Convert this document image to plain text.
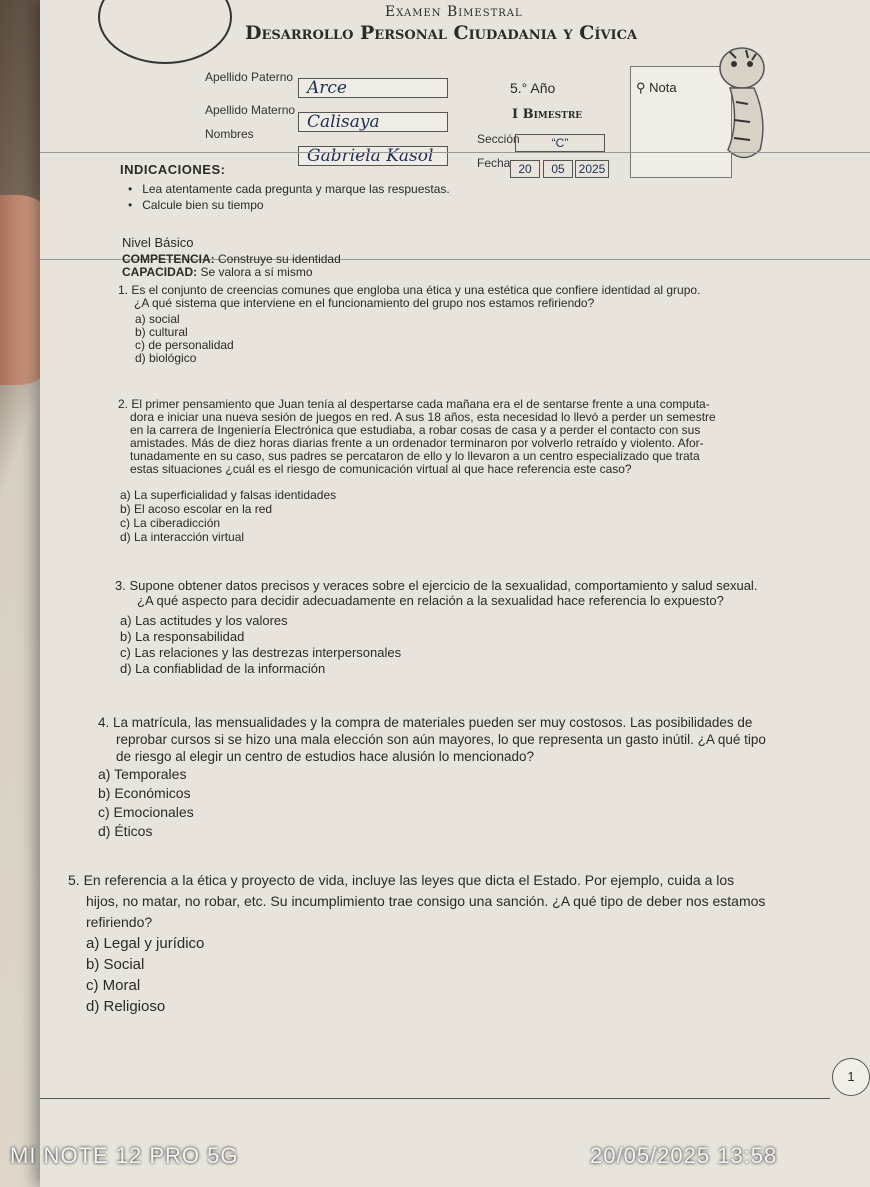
Examen Bimestral
Desarrollo Personal Ciudadania y Cívica
Apellido Paterno
Arce
Apellido Materno
Calisaya
Nombres
Gabriela Kasol
5.° Año
I Bimestre
Sección	“C”
Fecha 20	05	2025
⚲ Nota
INDICACIONES:
•   Lea atentamente cada pregunta y marque las respuestas.
•   Calcule bien su tiempo
Nivel Básico
COMPETENCIA: Construye su identidad
CAPACIDAD: Se valora a sí mismo
1. Es el conjunto de creencias comunes que engloba una ética y una estética que confiere identidad al grupo.
¿A qué sistema que interviene en el funcionamiento del grupo nos estamos refiriendo?
a) social
b) cultural
c) de personalidad
d) biológico
2. El primer pensamiento que Juan tenía al despertarse cada mañana era el de sentarse frente a una computa-
dora e iniciar una nueva sesión de juegos en red. A sus 18 años, esta necesidad lo llevó a perder un semestre
en la carrera de Ingeniería Electrónica que estudiaba, a robar cosas de casa y a perder el contacto con sus
amistades. Más de diez horas diarias frente a un ordenador terminaron por volverlo retraído y violento. Afor-
tunadamente en su caso, sus padres se percataron de ello y lo llevaron a un centro especializado que trata
estas situaciones ¿cuál es el riesgo de comunicación virtual al que hace referencia este caso?
a) La superficialidad y falsas identidades
b) El acoso escolar en la red
c) La ciberadicción
d) La interacción virtual
3. Supone obtener datos precisos y veraces sobre el ejercicio de la sexualidad, comportamiento y salud sexual.
¿A qué aspecto para decidir adecuadamente en relación a la sexualidad hace referencia lo expuesto?
a) Las actitudes y los valores
b) La responsabilidad
c) Las relaciones y las destrezas interpersonales
d) La confiablidad de la información
4. La matrícula, las mensualidades y la compra de materiales pueden ser muy costosos. Las posibilidades de
reprobar cursos si se hizo una mala elección son aún mayores, lo que representa un gasto inútil. ¿A qué tipo
de riesgo al elegir un centro de estudios hace alusión lo mencionado?
a) Temporales
b) Económicos
c) Emocionales
d) Éticos
5. En referencia a la ética y proyecto de vida, incluye las leyes que dicta el Estado. Por ejemplo, cuida a los
hijos, no matar, no robar, etc. Su incumplimiento trae consigo una sanción. ¿A qué tipo de deber nos estamos
refiriendo?
a) Legal y jurídico
b) Social
c) Moral
d) Religioso
1
MI NOTE 12 PRO 5G	20/05/2025 13:58
